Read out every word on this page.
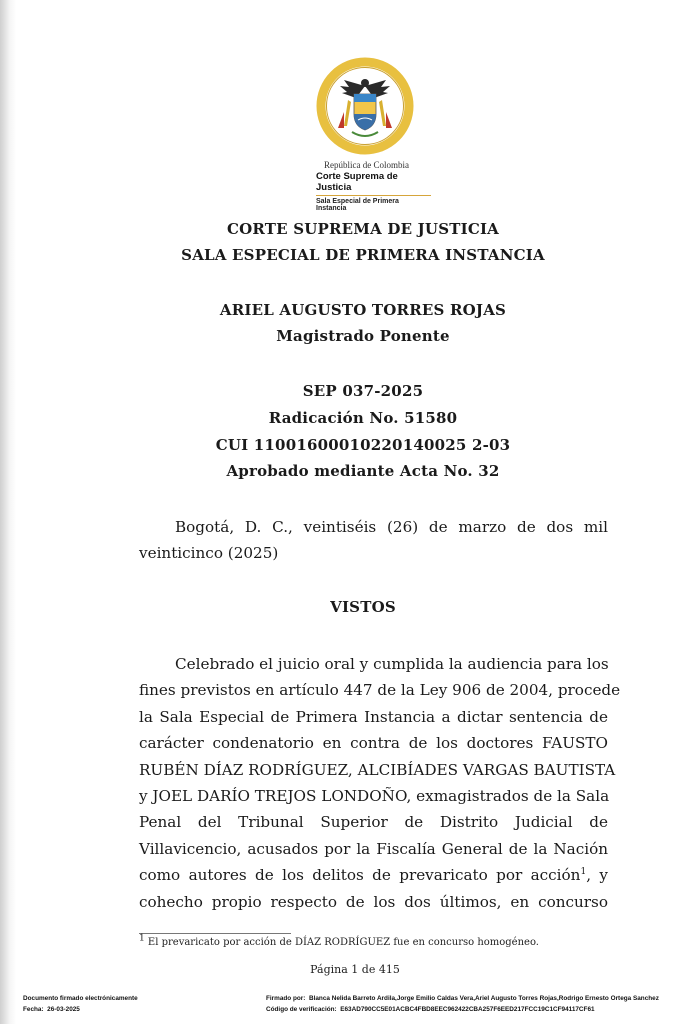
República de Colombia
Corte Suprema de Justicia
Sala Especial de Primera Instancia
CORTE SUPREMA DE JUSTICIA
SALA ESPECIAL DE PRIMERA INSTANCIA
ARIEL AUGUSTO TORRES ROJAS
Magistrado Ponente
SEP 037-2025
Radicación No. 51580
CUI 11001600010220140025 2-03
Aprobado mediante Acta No. 32
Bogotá, D. C., veintiséis (26) de marzo de dos mil
veinticinco (2025)
VISTOS
Celebrado el juicio oral y cumplida la audiencia para los
fines previstos en artículo 447 de la Ley 906 de 2004, procede
la Sala Especial de Primera Instancia a dictar sentencia de
carácter condenatorio en contra de los doctores FAUSTO
RUBÉN DÍAZ RODRÍGUEZ, ALCIBÍADES VARGAS BAUTISTA
y JOEL DARÍO TREJOS LONDOÑO, exmagistrados de la Sala
Penal del Tribunal Superior de Distrito Judicial de
Villavicencio, acusados por la Fiscalía General de la Nación
como autores de los delitos de prevaricato por acción$^1$, y
cohecho propio respecto de los dos últimos, en concurso
$^1$ El prevaricato por acción de DÍAZ RODRÍGUEZ fue en concurso homogéneo.
Página 1 de 415
Documento firmado electrónicamente
Fecha: 26-03-2025
Firmado por: Blanca Nelida Barreto Ardila,Jorge Emilio Caldas Vera,Ariel Augusto Torres Rojas,Rodrigo Ernesto Ortega Sanchez
Código de verificación: E63AD790CC5E01ACBC4FBD8EEC962422CBA257F6EED217FCC19C1CF94117CF61
